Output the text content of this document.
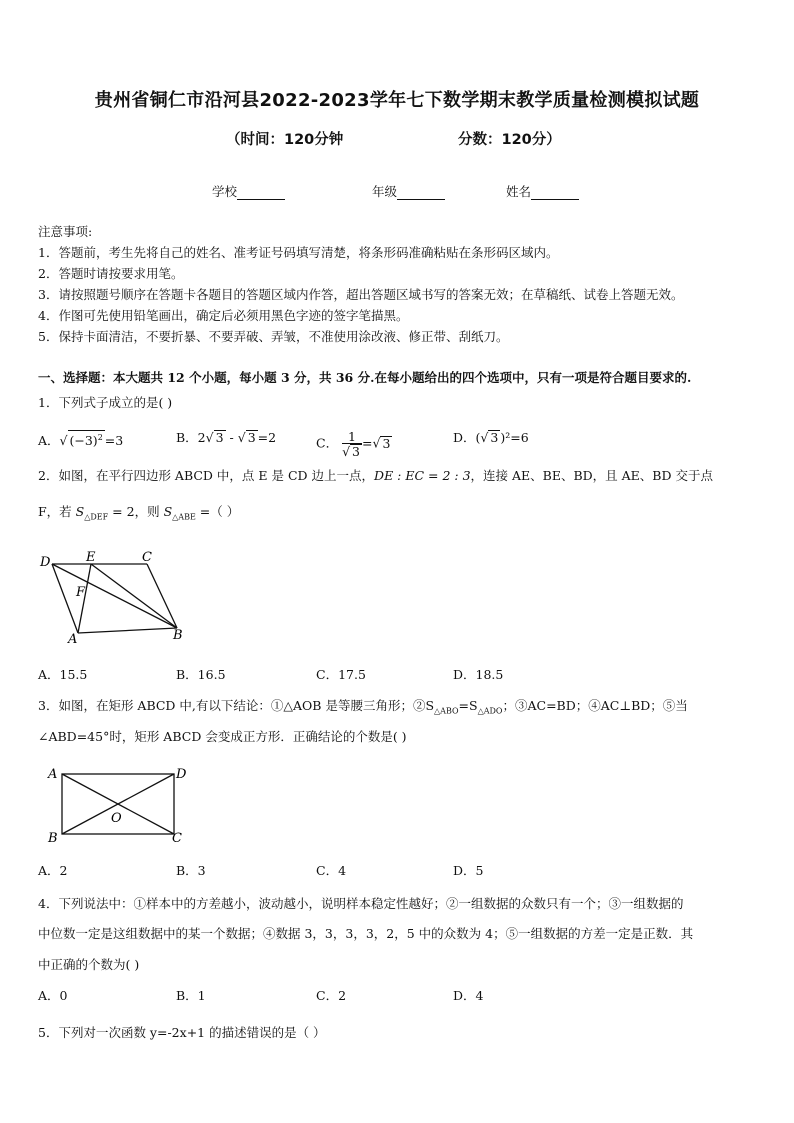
贵州省铜仁市沿河县2022-2023学年七下数学期末教学质量检测模拟试题
（时间：120分钟	分数：120分）
学校	年级	姓名
注意事项:
1．答题前，考生先将自己的姓名、准考证号码填写清楚，将条形码准确粘贴在条形码区域内。
2．答题时请按要求用笔。
3．请按照题号顺序在答题卡各题目的答题区域内作答，超出答题区域书写的答案无效；在草稿纸、试卷上答题无效。
4．作图可先使用铅笔画出，确定后必须用黑色字迹的签字笔描黑。
5．保持卡面清洁，不要折暴、不要弄破、弄皱，不准使用涂改液、修正带、刮纸刀。
一、选择题：本大题共 12 个小题，每小题 3 分，共 36 分.在每小题给出的四个选项中，只有一项是符合题目要求的.
1．下列式子成立的是( )
A．√ $(-3)^2 =3$	B．2√ 3 - √ 3 =2	C． $\frac{1}{√ 3}$ =√ 3	D．(√ 3 )²=6
2．如图，在平行四边形 ABCD 中，点 E 是 CD 边上一点，DE : EC = 2 : 3，连接 AE、BE、BD，且 AE、BD 交于点
F，若 $S_{\triangle DEF} = 2$，则 $S_{\triangle ABE}$ =（ ）
D	E	C
F
A	B
A．15.5	B．16.5	C．17.5	D．18.5
3．如图，在矩形 ABCD 中,有以下结论：①△AOB 是等腰三角形；$②S_{\triangle ABO}=S_{\triangle ADO}$；③AC=BD；④AC⊥BD；⑤当
∠ABD=45°时，矩形 ABCD 会变成正方形．正确结论的个数是( )
A	D
B	C
O
A．2	B．3	C．4	D．5
4．下列说法中：①样本中的方差越小，波动越小，说明样本稳定性越好；②一组数据的众数只有一个；③一组数据的
中位数一定是这组数据中的某一个数据；④数据 3，3，3，3，2，5 中的众数为 4；⑤一组数据的方差一定是正数．其
中正确的个数为( )
A．0	B．1	C．2	D．4
5．下列对一次函数 y=-2x+1 的描述错误的是（ ）
